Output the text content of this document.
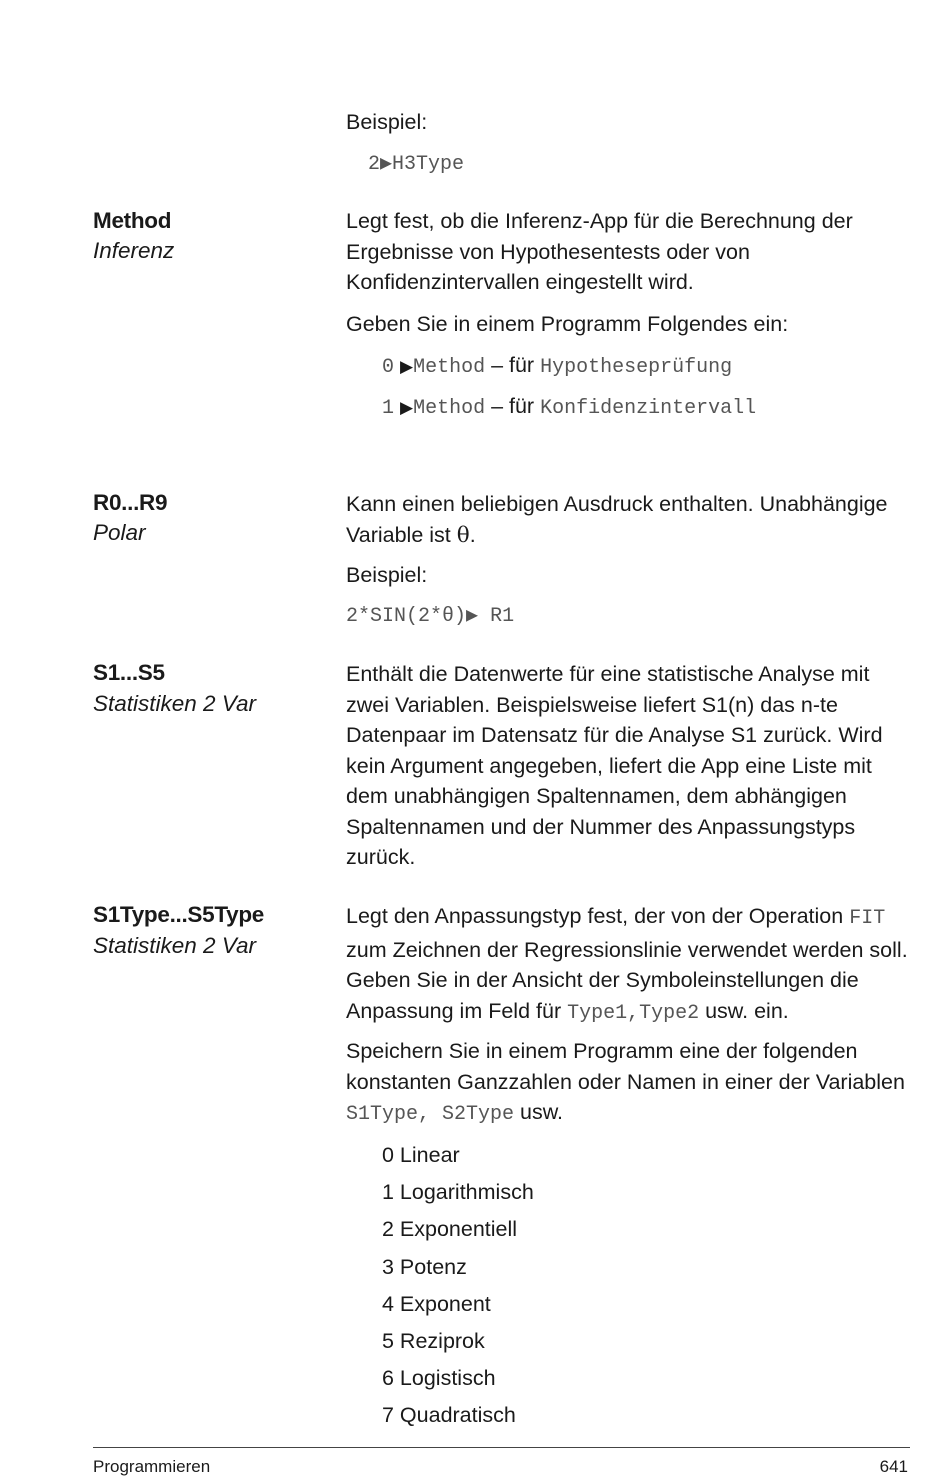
Beispiel:
2▶H3Type
Method
Inferenz
Legt fest, ob die Inferenz-App für die Berechnung der Ergebnisse von Hypothesentests oder von Konfidenzintervallen eingestellt wird.
Geben Sie in einem Programm Folgendes ein:
0 ▶Method – für Hypotheseprüfung
1 ▶Method – für Konfidenzintervall
R0...R9
Polar
Kann einen beliebigen Ausdruck enthalten. Unabhängige Variable ist θ.
Beispiel:
2*SIN(2*θ)▶ R1
S1...S5
Statistiken 2 Var
Enthält die Datenwerte für eine statistische Analyse mit zwei Variablen. Beispielsweise liefert S1(n) das n-te Datenpaar im Datensatz für die Analyse S1 zurück. Wird kein Argument angegeben, liefert die App eine Liste mit dem unabhängigen Spaltennamen, dem abhängigen Spaltennamen und der Nummer des Anpassungstyps zurück.
S1Type...S5Type
Statistiken 2 Var
Legt den Anpassungstyp fest, der von der Operation FIT zum Zeichnen der Regressionslinie verwendet werden soll. Geben Sie in der Ansicht der Symboleinstellungen die Anpassung im Feld für Type1,Type2 usw. ein.
Speichern Sie in einem Programm eine der folgenden konstanten Ganzzahlen oder Namen in einer der Variablen S1Type, S2Type usw.
0 Linear
1 Logarithmisch
2 Exponentiell
3 Potenz
4 Exponent
5 Reziprok
6 Logistisch
7 Quadratisch
Programmieren	641
